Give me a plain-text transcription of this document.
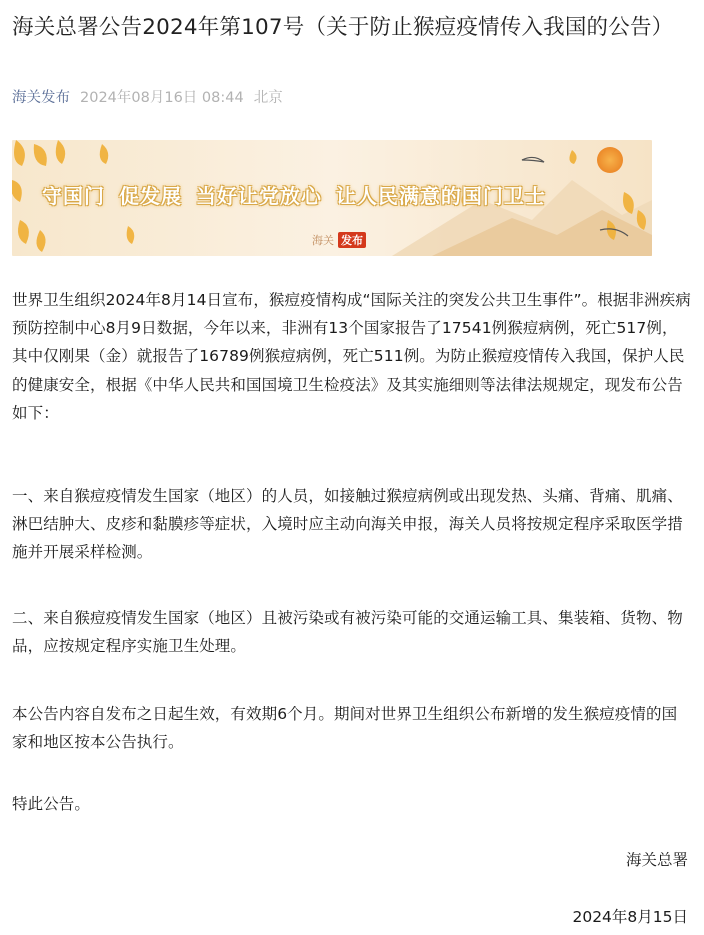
海关总署公告2024年第107号（关于防止猴痘疫情传入我国的公告）
海关发布 2024年08月16日 08:44 北京
守国门 促发展 当好让党放心 让人民满意的国门卫士
海关 发布

世界卫生组织2024年8月14日宣布，猴痘疫情构成“国际关注的突发公共卫生事件”。根据非洲疾病预防控制中心8月9日数据，今年以来，非洲有13个国家报告了17541例猴痘病例，死亡517例，其中仅刚果（金）就报告了16789例猴痘病例，死亡511例。为防止猴痘疫情传入我国，保护人民的健康安全，根据《中华人民共和国国境卫生检疫法》及其实施细则等法律法规规定，现发布公告如下：

一、来自猴痘疫情发生国家（地区）的人员，如接触过猴痘病例或出现发热、头痛、背痛、肌痛、淋巴结肿大、皮疹和黏膜疹等症状，入境时应主动向海关申报，海关人员将按规定程序采取医学措施并开展采样检测。

二、来自猴痘疫情发生国家（地区）且被污染或有被污染可能的交通运输工具、集装箱、货物、物品，应按规定程序实施卫生处理。

本公告内容自发布之日起生效，有效期6个月。期间对世界卫生组织公布新增的发生猴痘疫情的国家和地区按本公告执行。

特此公告。

海关总署
2024年8月15日
